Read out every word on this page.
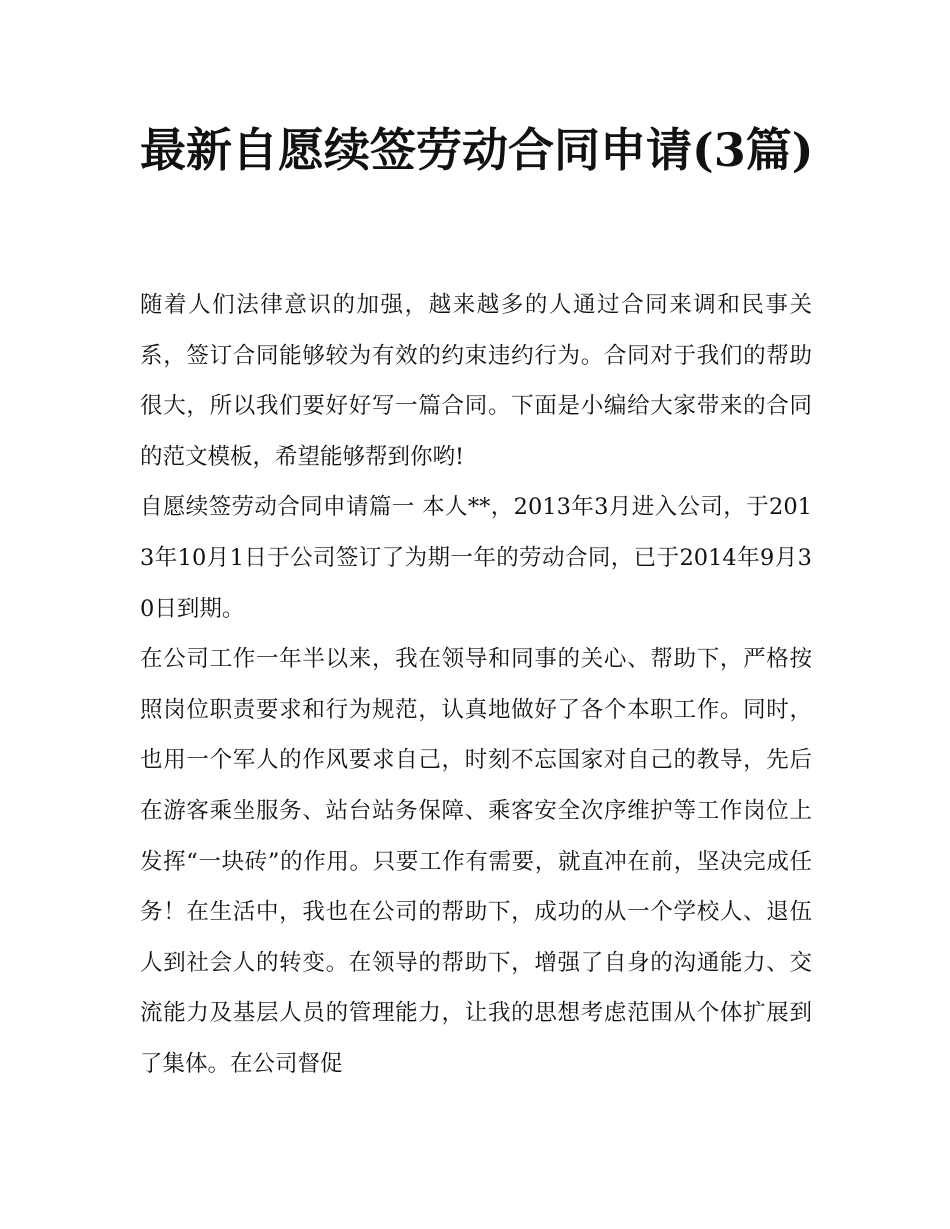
最新自愿续签劳动合同申请(3篇)

随着人们法律意识的加强，越来越多的人通过合同来调和民事关系，签订合同能够较为有效的约束违约行为。合同对于我们的帮助很大，所以我们要好好写一篇合同。下面是小编给大家带来的合同的范文模板，希望能够帮到你哟!

自愿续签劳动合同申请篇一 本人**，2013年3月进入公司，于2013年10月1日于公司签订了为期一年的劳动合同，已于2014年9月30日到期。

在公司工作一年半以来，我在领导和同事的关心、帮助下，严格按照岗位职责要求和行为规范，认真地做好了各个本职工作。同时，也用一个军人的作风要求自己，时刻不忘国家对自己的教导，先后在游客乘坐服务、站台站务保障、乘客安全次序维护等工作岗位上发挥“一块砖”的作用。只要工作有需要，就直冲在前，坚决完成任务！在生活中，我也在公司的帮助下，成功的从一个学校人、退伍人到社会人的转变。在领导的帮助下，增强了自身的沟通能力、交流能力及基层人员的管理能力，让我的思想考虑范围从个体扩展到了集体。在公司督促
